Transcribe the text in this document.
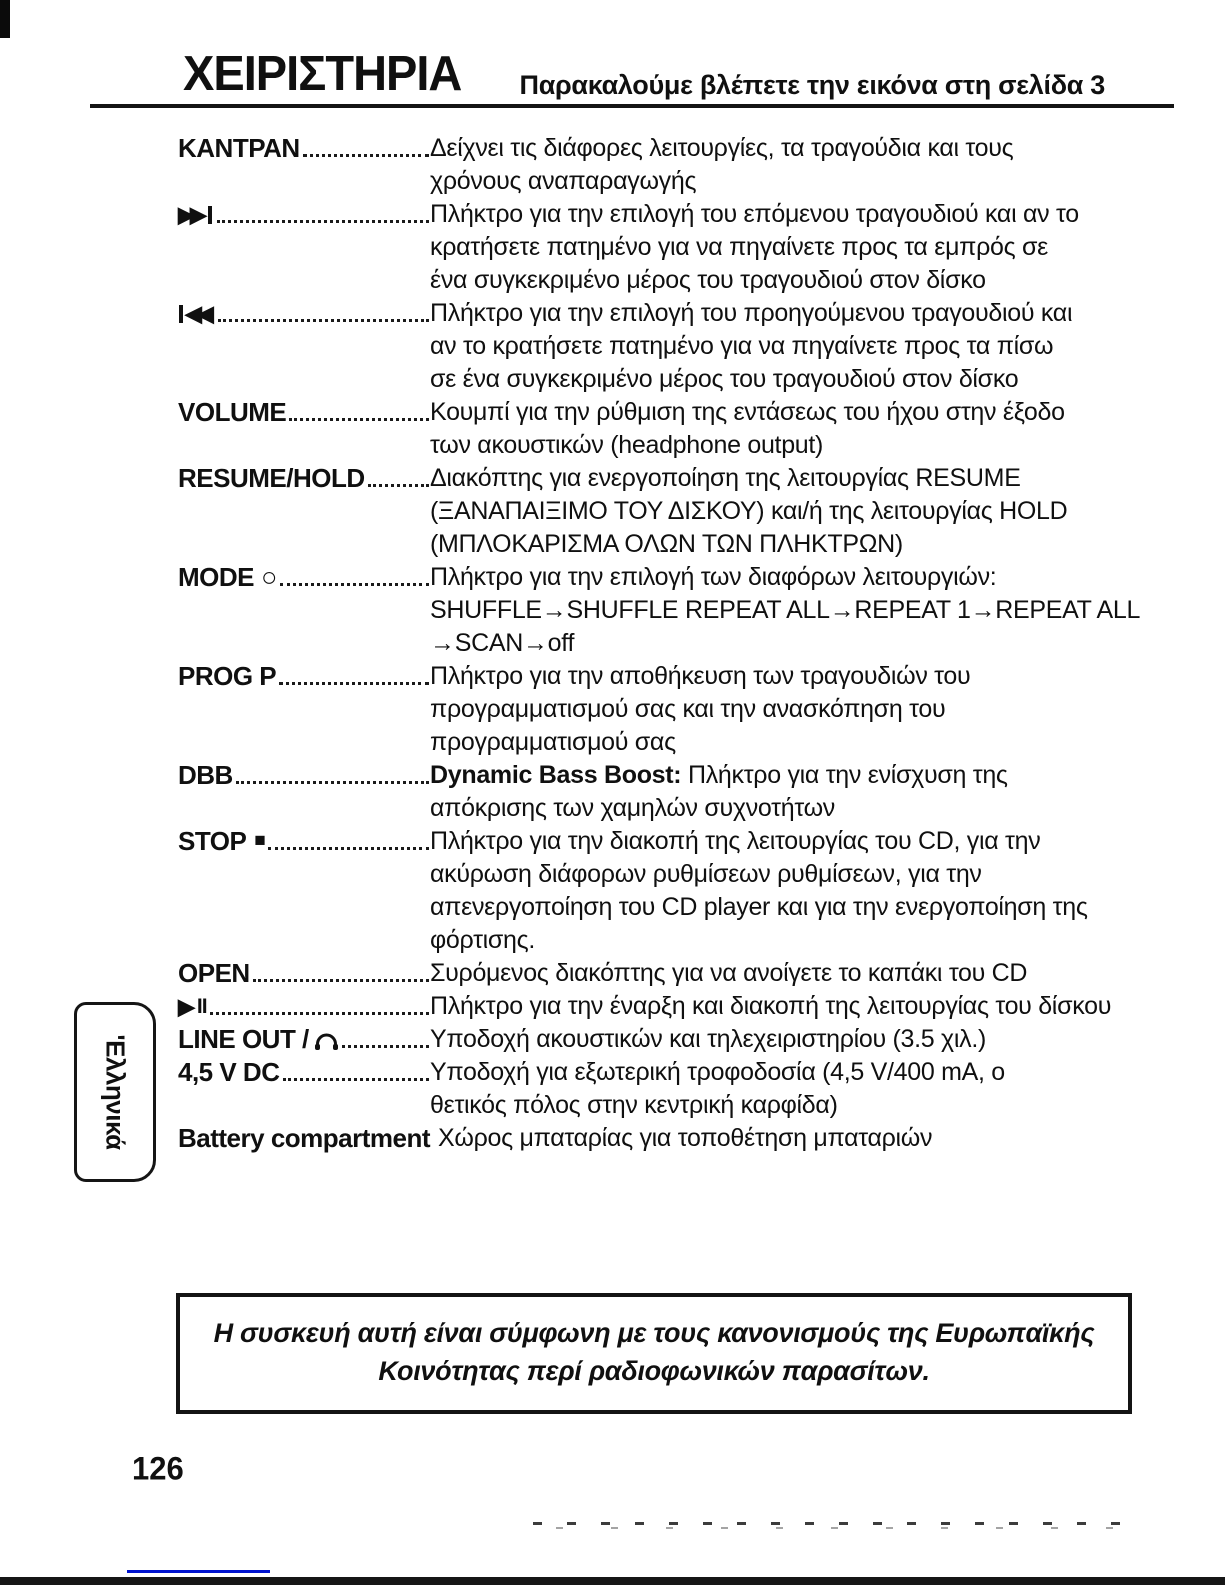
ΧΕΙΡΙΣΤΗΡΙΑ Παρακαλούμε βλέπετε την εικόνα στη σελίδα 3
ΚΑΝΤΡΑΝ	Δείχνει τις διάφορες λειτουργίες, τα τραγούδια και τους
χρόνους αναπαραγωγής
▶▶	Πλήκτρο για την επιλογή του επόμενου τραγουδιού και αν το
κρατήσετε πατημένο για να πηγαίνετε προς τα εμπρός σε
ένα συγκεκριμένο μέρος του τραγουδιού στον δίσκο
◀◀	Πλήκτρο για την επιλογή του προηγούμενου τραγουδιού και
αν το κρατήσετε πατημένο για να πηγαίνετε προς τα πίσω
σε ένα συγκεκριμένο μέρος του τραγουδιού στον δίσκο
VOLUME	Κουμπί για την ρύθμιση της εντάσεως του ήχου στην έξοδο
των ακουστικών (headphone output)
RESUME/HOLD	Διακόπτης για ενεργοποίηση της λειτουργίας RESUME
(ΞΑΝΑΠΑΙΞΙΜΟ ΤΟΥ ΔΙΣΚΟΥ) και/ή της λειτουργίας HOLD
(ΜΠΛΟΚΑΡΙΣΜΑ ΟΛΩΝ ΤΩΝ ΠΛΗΚΤΡΩΝ)
MODE ○	Πλήκτρο για την επιλογή των διαφόρων λειτουργιών:
SHUFFLE→SHUFFLE REPEAT ALL→REPEAT 1→REPEAT ALL
→SCAN→off
PROG P	Πλήκτρο για την αποθήκευση των τραγουδιών του
προγραμματισμού σας και την ανασκόπηση του
προγραμματισμού σας
DBB	Dynamic Bass Boost: Πλήκτρο για την ενίσχυση της
απόκρισης των χαμηλών συχνοτήτων
STOP ■	Πλήκτρο για την διακοπή της λειτουργίας του CD, για την
ακύρωση διάφορων ρυθμίσεων ρυθμίσεων, για την
απενεργοποίηση του CD player και για την ενεργοποίηση της
φόρτισης.
OPEN	Συρόμενος διακόπτης για να ανοίγετε το καπάκι του CD
▶ II	Πλήκτρο για την έναρξη και διακοπή της λειτουργίας του δίσκου
LINE OUT /	Υποδοχή ακουστικών και τηλεχειριστηρίου (3.5 χιλ.)
4,5 V DC	Υποδοχή για εξωτερική τροφοδοσία (4,5 V/400 mA, ο
θετικός πόλος στην κεντρική καρφίδα)
Battery compartment Χώρος μπαταρίας για τοποθέτηση μπαταριών
'Ελληνικά
Η συσκευή αυτή είναι σύμφωνη με τους κανονισμούς της Ευρωπαϊκής
Κοινότητας περί ραδιοφωνικών παρασίτων.
126
